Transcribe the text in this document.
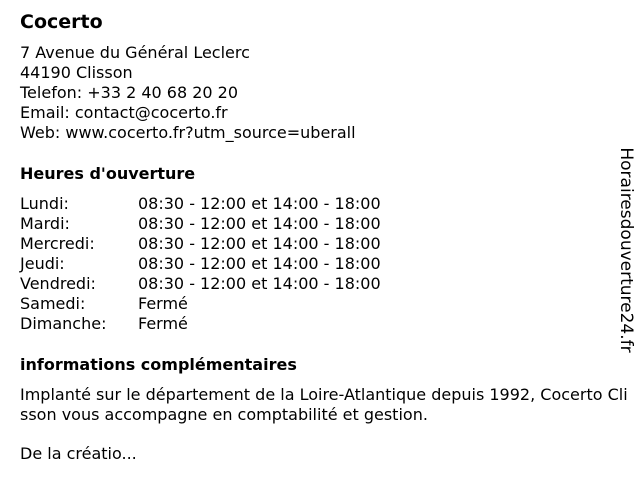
Cocerto
7 Avenue du Général Leclerc
44190 Clisson
Telefon: +33 2 40 68 20 20
Email: contact@cocerto.fr
Web: www.cocerto.fr?utm_source=uberall
Heures d'ouverture
Lundi:	08:30 - 12:00 et 14:00 - 18:00
Mardi:	08:30 - 12:00 et 14:00 - 18:00
Mercredi:	08:30 - 12:00 et 14:00 - 18:00
Jeudi:	08:30 - 12:00 et 14:00 - 18:00
Vendredi:	08:30 - 12:00 et 14:00 - 18:00
Samedi:	Fermé
Dimanche:	Fermé
informations complémentaires
Implanté sur le département de la Loire-Atlantique depuis 1992, Cocerto Clisson vous accompagne en comptabilité et gestion.
De la créatio...
Horairesdouverture24.fr
